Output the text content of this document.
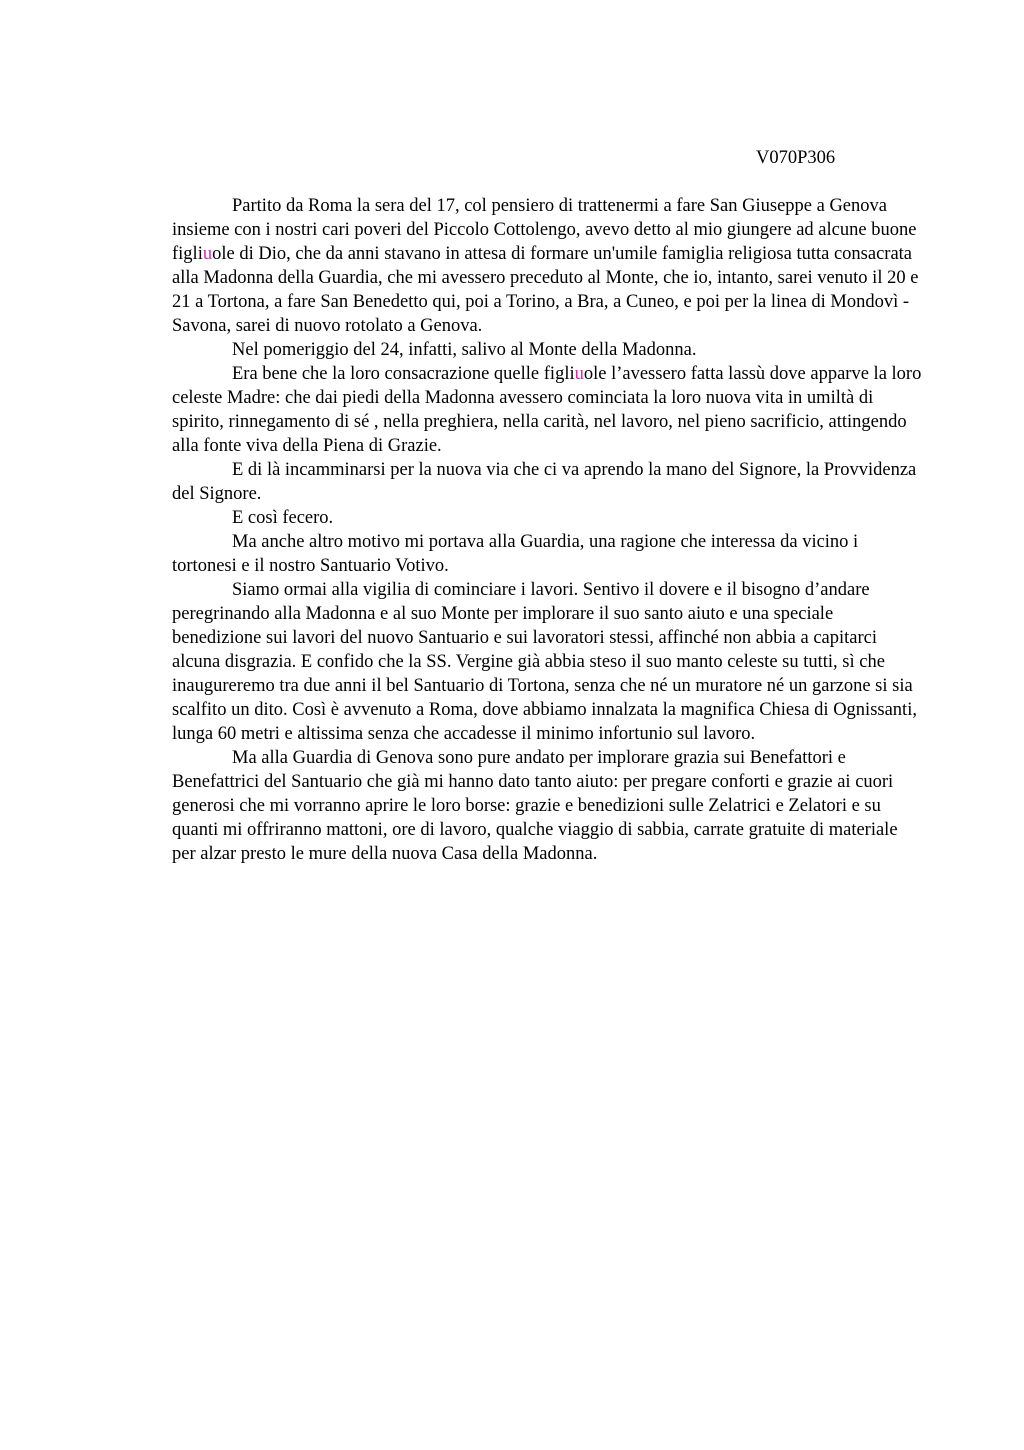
V070P306

Partito da Roma la sera del 17, col pensiero di trattenermi a fare San Giuseppe a Genova insieme con i nostri cari poveri del Piccolo Cottolengo, avevo detto al mio giungere ad alcune buone figliuole di Dio, che da anni stavano in attesa di formare un'umile famiglia religiosa tutta consacrata alla Madonna della Guardia, che mi avessero preceduto al Monte, che io, intanto, sarei venuto il 20 e 21 a Tortona, a fare San Benedetto qui, poi a Torino, a Bra, a Cuneo, e poi per la linea di Mondovì - Savona, sarei di nuovo rotolato a Genova.

Nel pomeriggio del 24, infatti, salivo al Monte della Madonna.

Era bene che la loro consacrazione quelle figliuole l’avessero fatta lassù dove apparve la loro celeste Madre: che dai piedi della Madonna avessero cominciata la loro nuova vita in umiltà di spirito, rinnegamento di sé , nella preghiera, nella carità, nel lavoro, nel pieno sacrificio, attingendo alla fonte viva della Piena di Grazie.

E di là incamminarsi per la nuova via che ci va aprendo la mano del Signore, la Provvidenza del Signore.

E così fecero.

Ma anche altro motivo mi portava alla Guardia, una ragione che interessa da vicino i tortonesi e il nostro Santuario Votivo.

Siamo ormai alla vigilia di cominciare i lavori. Sentivo il dovere e il bisogno d’andare peregrinando alla Madonna e al suo Monte per implorare il suo santo aiuto e una speciale benedizione sui lavori del nuovo Santuario e sui lavoratori stessi, affinché non abbia a capitarci alcuna disgrazia. E confido che la SS. Vergine già abbia steso il suo manto celeste su tutti, sì che inaugureremo tra due anni il bel Santuario di Tortona, senza che né un muratore né un garzone si sia scalfito un dito. Così è avvenuto a Roma, dove abbiamo innalzata la magnifica Chiesa di Ognissanti, lunga 60 metri e altissima senza che accadesse il minimo infortunio sul lavoro.

Ma alla Guardia di Genova sono pure andato per implorare grazia sui Benefattori e Benefattrici del Santuario che già mi hanno dato tanto aiuto: per pregare conforti e grazie ai cuori generosi che mi vorranno aprire le loro borse: grazie e benedizioni sulle Zelatrici e Zelatori e su quanti mi offriranno mattoni, ore di lavoro, qualche viaggio di sabbia, carrate gratuite di materiale per alzar presto le mure della nuova Casa della Madonna.
